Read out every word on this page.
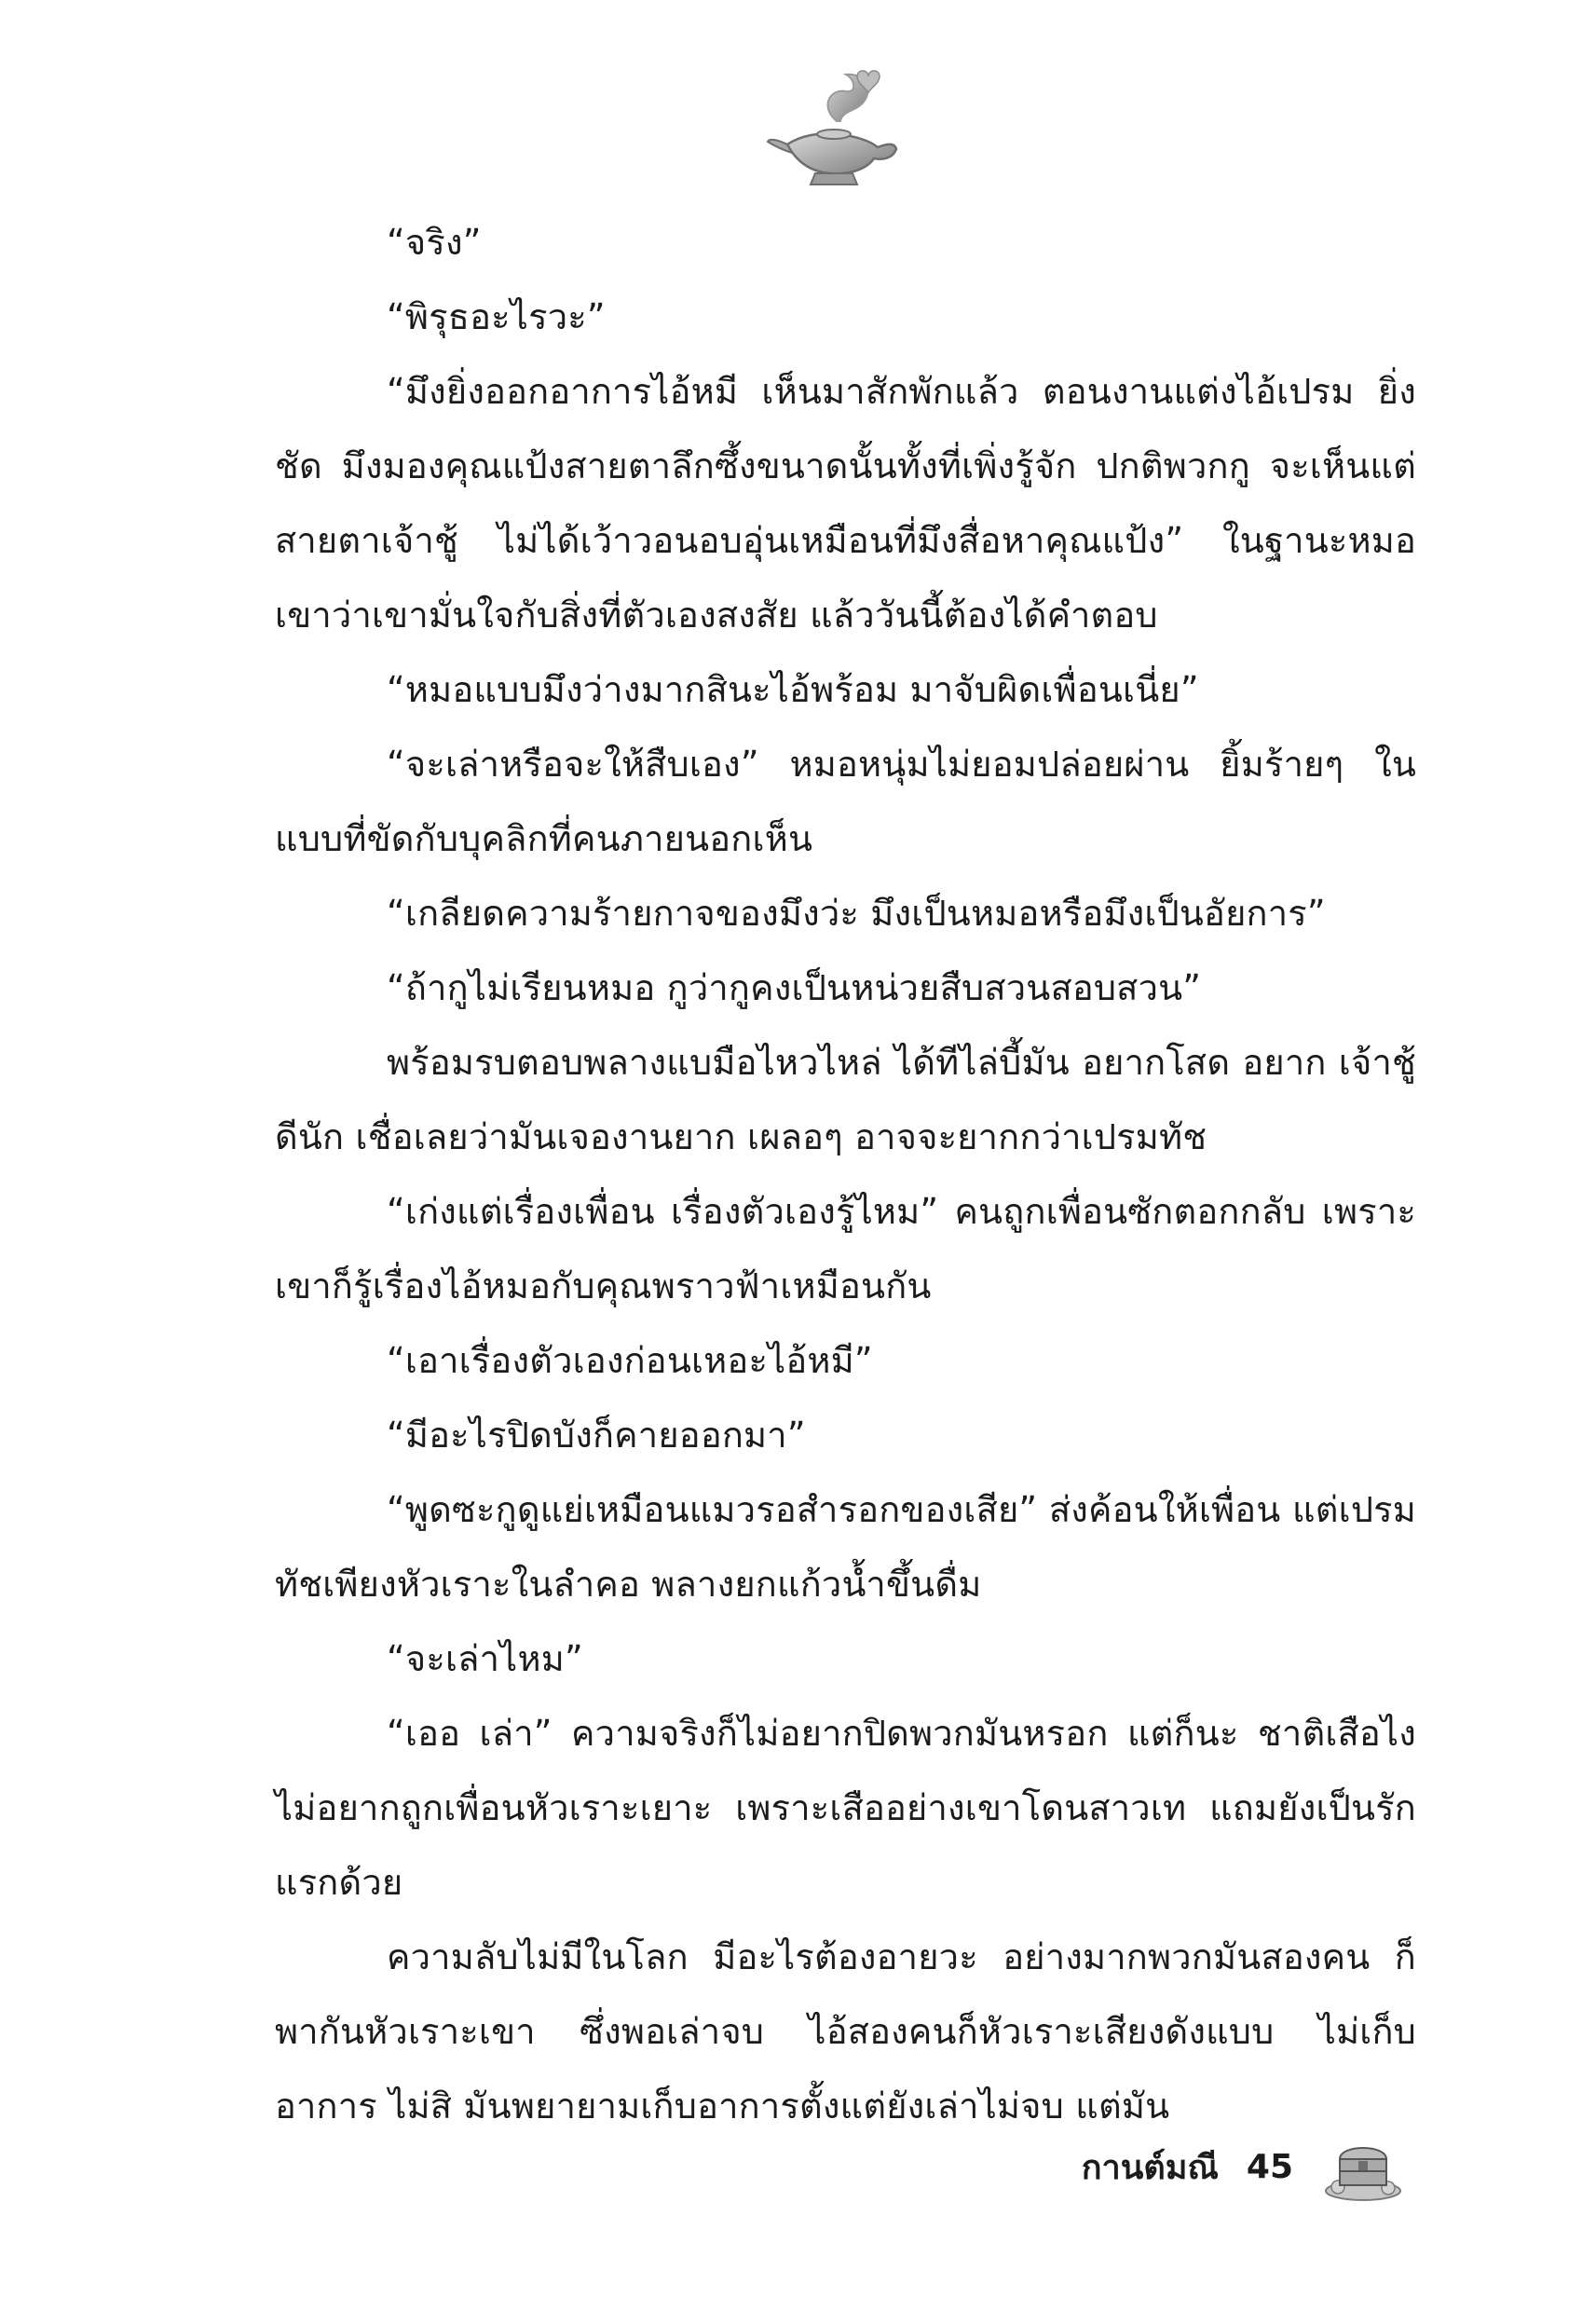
“จริง”

“พิรุธอะไรวะ”

“มึงยิ่งออกอาการไอ้หมี เห็นมาสักพักแล้ว ตอนงานแต่งไอ้เปรม ยิ่งชัด มึงมองคุณแป้งสายตาลึกซึ้งขนาดนั้นทั้งที่เพิ่งรู้จัก ปกติพวกกู จะเห็นแต่สายตาเจ้าชู้ ไม่ได้เว้าวอนอบอุ่นเหมือนที่มึงสื่อหาคุณแป้ง” ในฐานะหมอ เขาว่าเขามั่นใจกับสิ่งที่ตัวเองสงสัย แล้ววันนี้ต้องได้คำตอบ

“หมอแบบมึงว่างมากสินะไอ้พร้อม มาจับผิดเพื่อนเนี่ย”

“จะเล่าหรือจะให้สืบเอง” หมอหนุ่มไม่ยอมปล่อยผ่าน ยิ้มร้ายๆ ในแบบที่ขัดกับบุคลิกที่คนภายนอกเห็น

“เกลียดความร้ายกาจของมึงว่ะ มึงเป็นหมอหรือมึงเป็นอัยการ”

“ถ้ากูไม่เรียนหมอ กูว่ากูคงเป็นหน่วยสืบสวนสอบสวน”

พร้อมรบตอบพลางแบมือไหวไหล่ ได้ทีไล่บี้มัน อยากโสด อยาก เจ้าชู้ดีนัก เชื่อเลยว่ามันเจองานยาก เผลอๆ อาจจะยากกว่าเปรมทัช

“เก่งแต่เรื่องเพื่อน เรื่องตัวเองรู้ไหม” คนถูกเพื่อนซักตอกกลับ เพราะเขาก็รู้เรื่องไอ้หมอกับคุณพราวฟ้าเหมือนกัน

“เอาเรื่องตัวเองก่อนเหอะไอ้หมี”

“มีอะไรปิดบังก็คายออกมา”

“พูดซะกูดูแย่เหมือนแมวรอสำรอกของเสีย” ส่งค้อนให้เพื่อน แต่เปรมทัชเพียงหัวเราะในลำคอ พลางยกแก้วน้ำขึ้นดื่ม

“จะเล่าไหม”

“เออ เล่า” ความจริงก็ไม่อยากปิดพวกมันหรอก แต่ก็นะ ชาติเสือไง ไม่อยากถูกเพื่อนหัวเราะเยาะ เพราะเสืออย่างเขาโดนสาวเท แถมยังเป็นรักแรกด้วย

ความลับไม่มีในโลก มีอะไรต้องอายวะ อย่างมากพวกมันสองคน ก็พากันหัวเราะเขา ซึ่งพอเล่าจบ ไอ้สองคนก็หัวเราะเสียงดังแบบ ไม่เก็บอาการ ไม่สิ มันพยายามเก็บอาการตั้งแต่ยังเล่าไม่จบ แต่มัน

กานต์มณี 45
